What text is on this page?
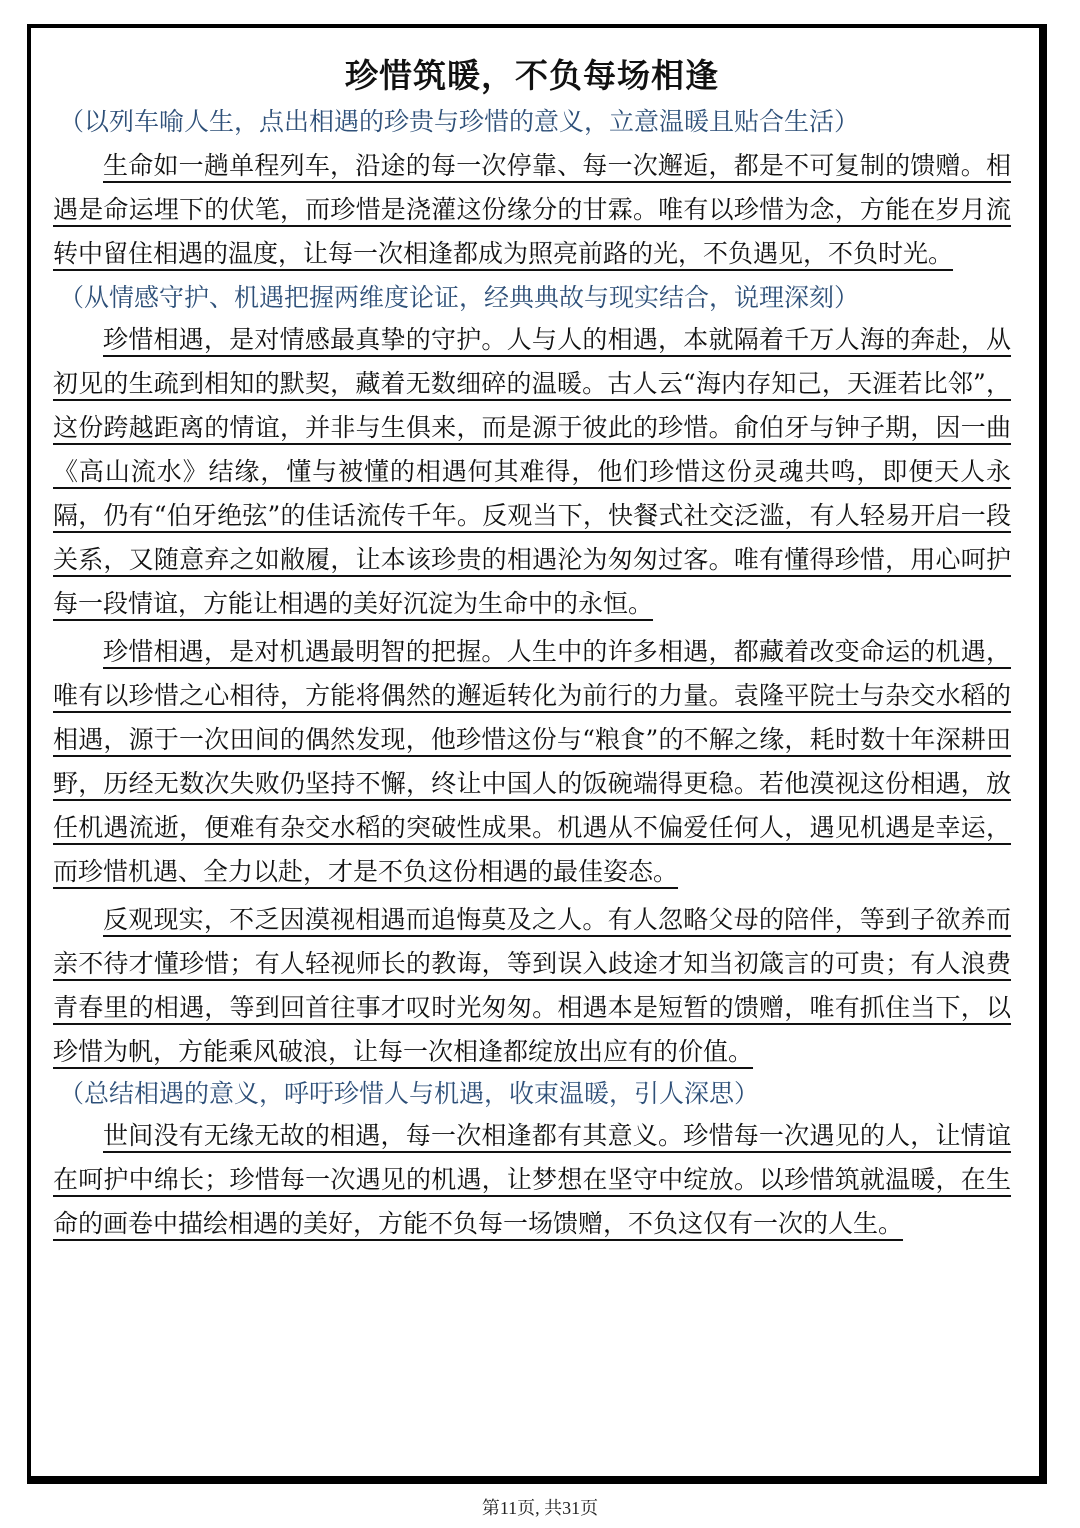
珍惜筑暖，不负每场相逢
（以列车喻人生，点出相遇的珍贵与珍惜的意义，立意温暖且贴合生活）

生命如一趟单程列车，沿途的每一次停靠、每一次邂逅，都是不可复制的馈赠。相遇是命运埋下的伏笔，而珍惜是浇灌这份缘分的甘霖。唯有以珍惜为念，方能在岁月流转中留住相遇的温度，让每一次相逢都成为照亮前路的光，不负遇见，不负时光。

（从情感守护、机遇把握两维度论证，经典典故与现实结合，说理深刻）

珍惜相遇，是对情感最真挚的守护。人与人的相遇，本就隔着千万人海的奔赴，从初见的生疏到相知的默契，藏着无数细碎的温暖。古人云“海内存知己，天涯若比邻”，这份跨越距离的情谊，并非与生俱来，而是源于彼此的珍惜。俞伯牙与钟子期，因一曲《高山流水》结缘，懂与被懂的相遇何其难得，他们珍惜这份灵魂共鸣，即便天人永隔，仍有“伯牙绝弦”的佳话流传千年。反观当下，快餐式社交泛滥，有人轻易开启一段关系，又随意弃之如敝履，让本该珍贵的相遇沦为匆匆过客。唯有懂得珍惜，用心呵护每一段情谊，方能让相遇的美好沉淀为生命中的永恒。

珍惜相遇，是对机遇最明智的把握。人生中的许多相遇，都藏着改变命运的机遇，唯有以珍惜之心相待，方能将偶然的邂逅转化为前行的力量。袁隆平院士与杂交水稻的相遇，源于一次田间的偶然发现，他珍惜这份与“粮食”的不解之缘，耗时数十年深耕田野，历经无数次失败仍坚持不懈，终让中国人的饭碗端得更稳。若他漠视这份相遇，放任机遇流逝，便难有杂交水稻的突破性成果。机遇从不偏爱任何人，遇见机遇是幸运，而珍惜机遇、全力以赴，才是不负这份相遇的最佳姿态。

反观现实，不乏因漠视相遇而追悔莫及之人。有人忽略父母的陪伴，等到子欲养而亲不待才懂珍惜；有人轻视师长的教诲，等到误入歧途才知当初箴言的可贵；有人浪费青春里的相遇，等到回首往事才叹时光匆匆。相遇本是短暂的馈赠，唯有抓住当下，以珍惜为帆，方能乘风破浪，让每一次相逢都绽放出应有的价值。

（总结相遇的意义，呼吁珍惜人与机遇，收束温暖，引人深思）

世间没有无缘无故的相遇，每一次相逢都有其意义。珍惜每一次遇见的人，让情谊在呵护中绵长；珍惜每一次遇见的机遇，让梦想在坚守中绽放。以珍惜筑就温暖，在生命的画卷中描绘相遇的美好，方能不负每一场馈赠，不负这仅有一次的人生。

第11页, 共31页
